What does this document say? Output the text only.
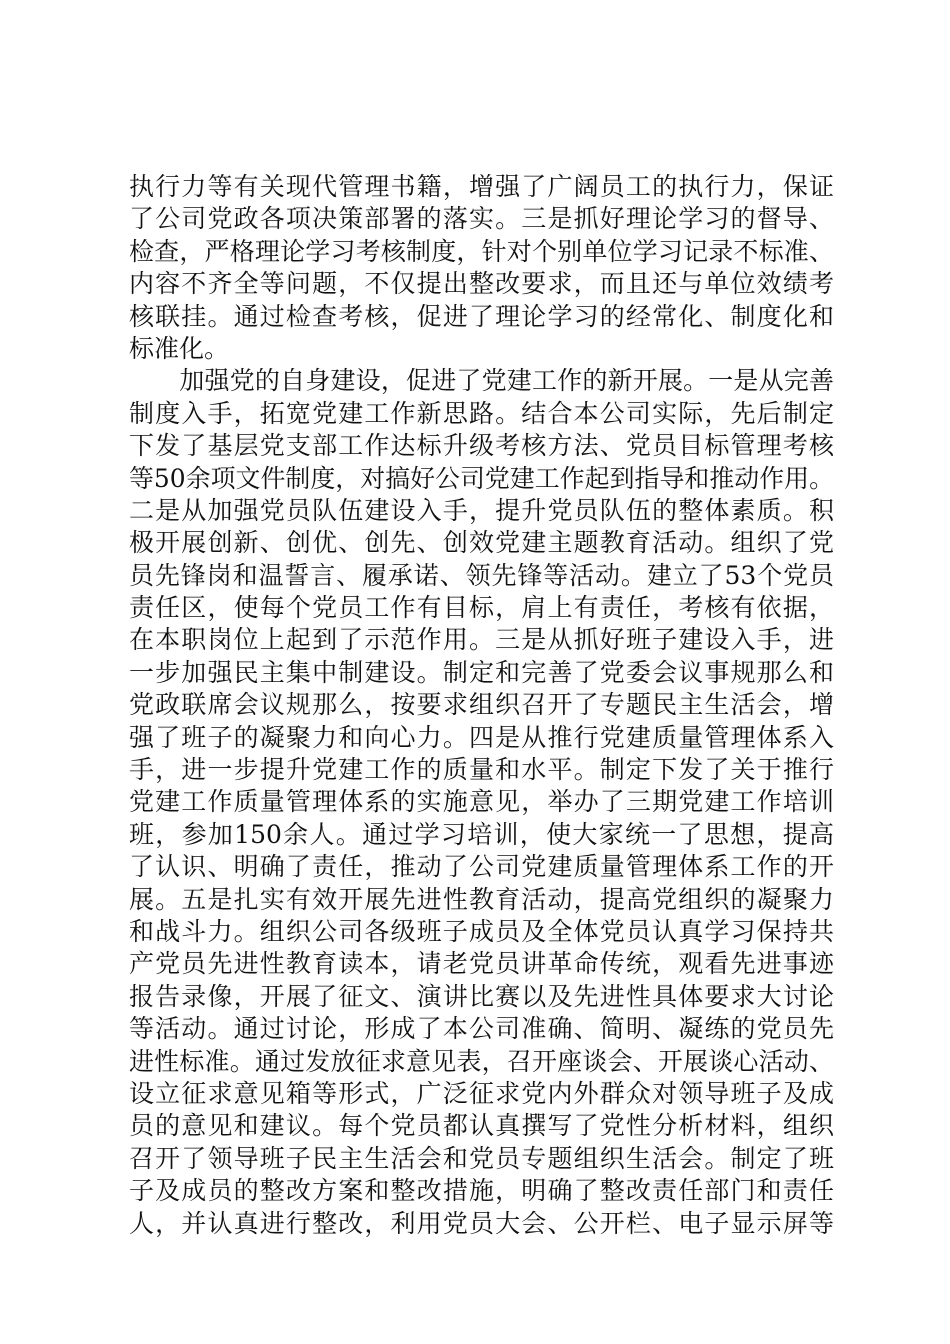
执行力等有关现代管理书籍，增强了广阔员工的执行力，保证
了公司党政各项决策部署的落实。三是抓好理论学习的督导、
检查，严格理论学习考核制度，针对个别单位学习记录不标准、
内容不齐全等问题，不仅提出整改要求，而且还与单位效绩考
核联挂。通过检查考核，促进了理论学习的经常化、制度化和
标准化。
　　加强党的自身建设，促进了党建工作的新开展。一是从完善
制度入手，拓宽党建工作新思路。结合本公司实际，先后制定
下发了基层党支部工作达标升级考核方法、党员目标管理考核
等50余项文件制度，对搞好公司党建工作起到指导和推动作用。
二是从加强党员队伍建设入手，提升党员队伍的整体素质。积
极开展创新、创优、创先、创效党建主题教育活动。组织了党
员先锋岗和温誓言、履承诺、领先锋等活动。建立了53个党员
责任区，使每个党员工作有目标，肩上有责任，考核有依据，
在本职岗位上起到了示范作用。三是从抓好班子建设入手，进
一步加强民主集中制建设。制定和完善了党委会议事规那么和
党政联席会议规那么，按要求组织召开了专题民主生活会，增
强了班子的凝聚力和向心力。四是从推行党建质量管理体系入
手，进一步提升党建工作的质量和水平。制定下发了关于推行
党建工作质量管理体系的实施意见，举办了三期党建工作培训
班，参加150余人。通过学习培训，使大家统一了思想，提高
了认识、明确了责任，推动了公司党建质量管理体系工作的开
展。五是扎实有效开展先进性教育活动，提高党组织的凝聚力
和战斗力。组织公司各级班子成员及全体党员认真学习保持共
产党员先进性教育读本，请老党员讲革命传统，观看先进事迹
报告录像，开展了征文、演讲比赛以及先进性具体要求大讨论
等活动。通过讨论，形成了本公司准确、简明、凝练的党员先
进性标准。通过发放征求意见表，召开座谈会、开展谈心活动、
设立征求意见箱等形式，广泛征求党内外群众对领导班子及成
员的意见和建议。每个党员都认真撰写了党性分析材料，组织
召开了领导班子民主生活会和党员专题组织生活会。制定了班
子及成员的整改方案和整改措施，明确了整改责任部门和责任
人，并认真进行整改，利用党员大会、公开栏、电子显示屏等
